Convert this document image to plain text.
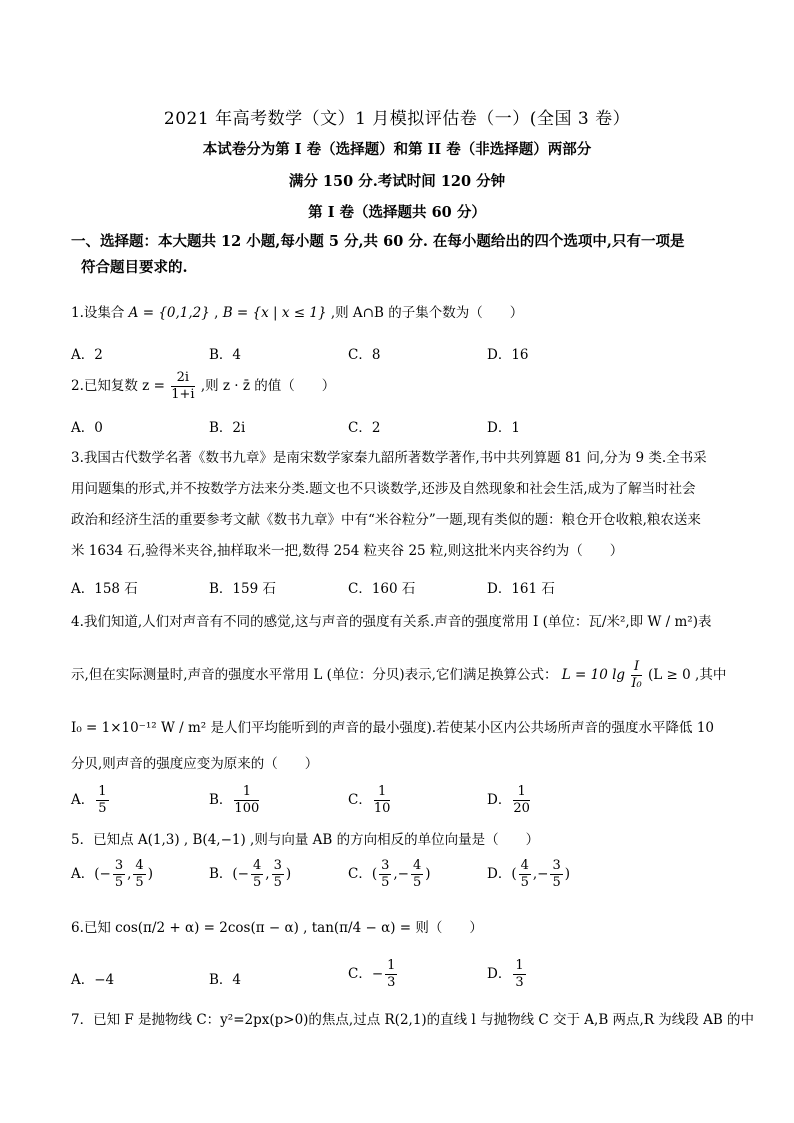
2021 年高考数学（文）1 月模拟评估卷（一）(全国 3 卷）
本试卷分为第 I 卷（选择题）和第 II 卷（非选择题）两部分
满分 150 分.考试时间 120 分钟
第 I 卷（选择题共 60 分）
一、选择题：本大题共 12 小题,每小题 5 分,共 60 分. 在每小题给出的四个选项中,只有一项是
符合题目要求的.
1.设集合 A = {0,1,2} , B = {x | x ≤ 1} ,则 A∩B 的子集个数为（　　）
A．2	B．4	C．8	D．16
2.已知复数 $z = \frac{2i}{1+i}$ ,则 z · z̄ 的值（　　）
A．0	B．2i	C．2	D．1
3.我国古代数学名著《数书九章》是南宋数学家秦九韶所著数学著作,书中共列算题 81 问,分为 9 类.全书采
用问题集的形式,并不按数学方法来分类.题文也不只谈数学,还涉及自然现象和社会生活,成为了解当时社会
政治和经济生活的重要参考文献《数书九章》中有“米谷粒分”一题,现有类似的题：粮仓开仓收粮,粮农送来
米 1634 石,验得米夹谷,抽样取米一把,数得 254 粒夹谷 25 粒,则这批米内夹谷约为（　　）
A．158 石	B．159 石	C．160 石	D．161 石
4.我们知道,人们对声音有不同的感觉,这与声音的强度有关系.声音的强度常用 I (单位：瓦/米²,即 W / m²)表
示,但在实际测量时,声音的强度水平常用 L (单位：分贝)表示,它们满足换算公式： L = 10 $\lg \frac{I}{\text{I₀}} (L \ge 0$ ,其中
I₀ = 1×10⁻¹² W / m² 是人们平均能听到的声音的最小强度).若使某小区内公共场所声音的强度水平降低 10
分贝,则声音的强度应变为原来的（　　）
A． $\frac{1}{5}$	B． $\frac{1}{100}$	C． $\frac{1}{10}$	D． $\frac{1}{20}$
5．已知点 A(1,3) , B(4,−1) ,则与向量 AB 的方向相反的单位向量是（　　）
A．(− $\frac{3}{5}$ , $\frac{4}{5}$ )	B．(− $\frac{4}{5}$ , $\frac{3}{5}$ )	C．( $\frac{3}{5}$ ,− $\frac{4}{5}$ )	D．( $\frac{4}{5}$ ,− $\frac{3}{5}$ )
6.已知 cos(π/2 + α) = 2cos(π − α) , tan(π/4 − α) = 则（　　）
A．−4	B．4	C．− $\frac{1}{3}$	D． $\frac{1}{3}$
7．已知 F 是抛物线 C：y²=2px(p>0)的焦点,过点 R(2,1)的直线 l 与抛物线 C 交于 A,B 两点,R 为线段 AB 的中
